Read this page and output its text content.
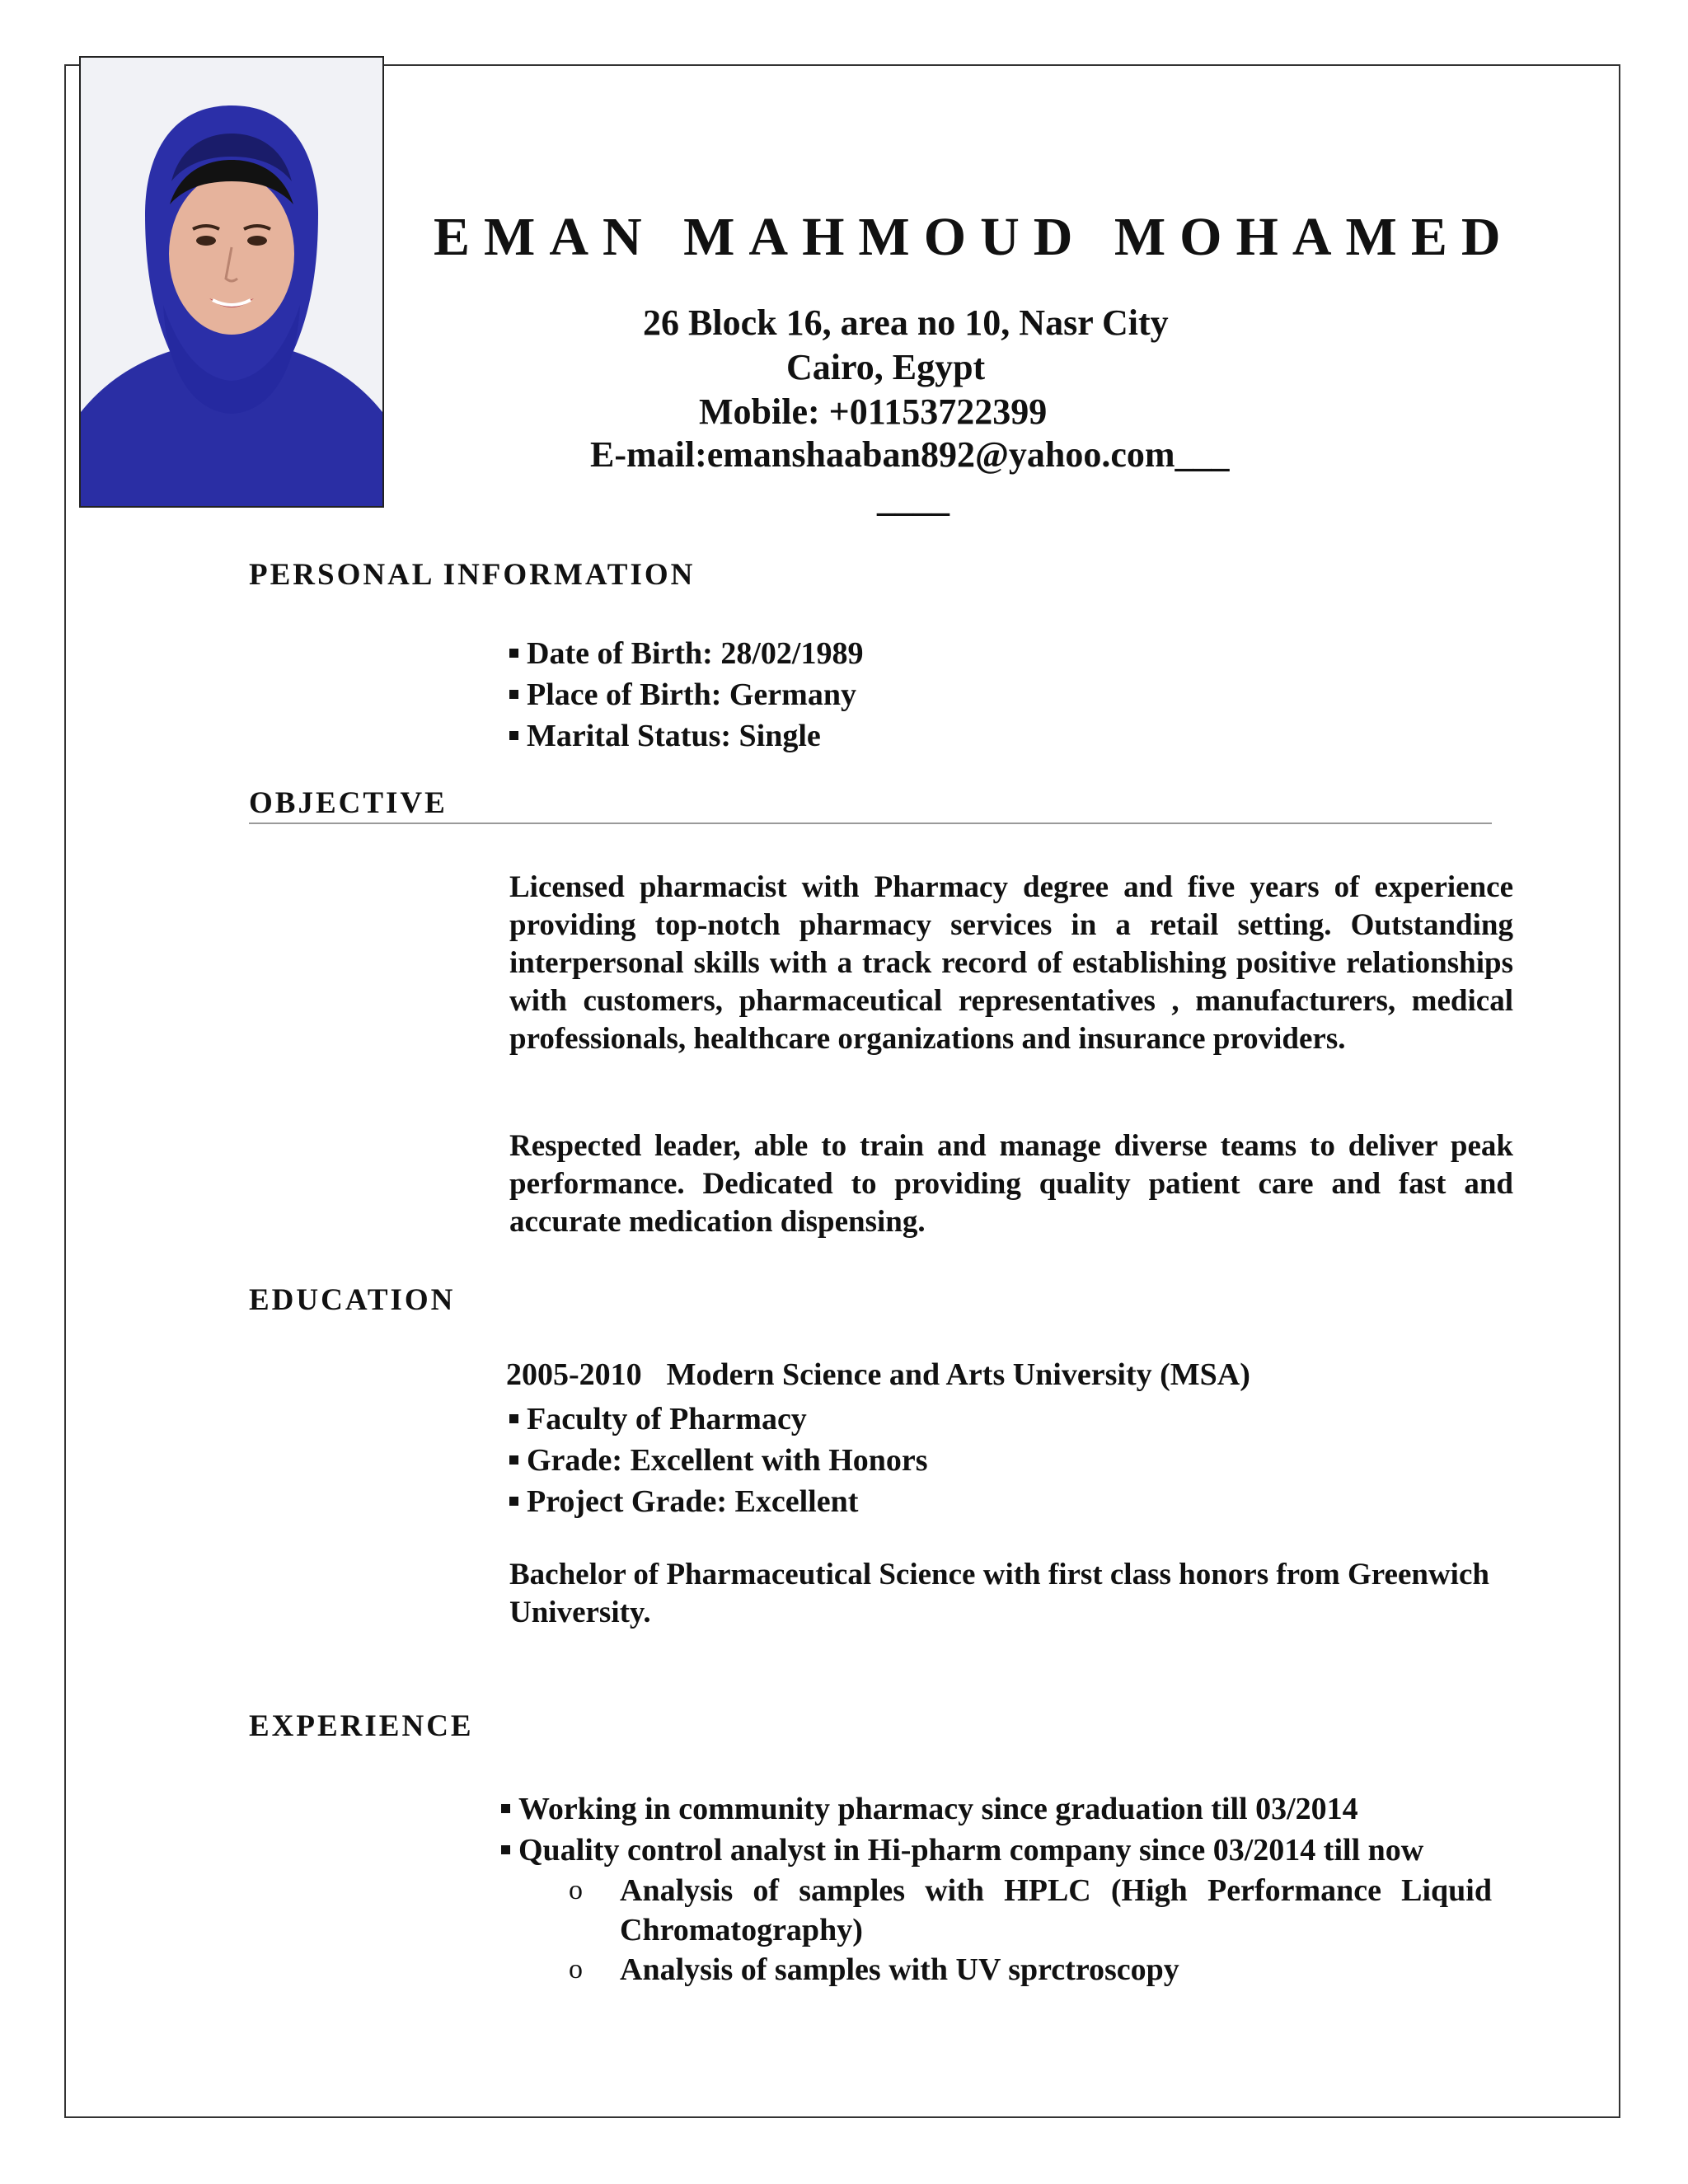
EMAN MAHMOUD MOHAMED
26 Block 16, area no 10, Nasr City
Cairo, Egypt
Mobile: +01153722399
E-mail:emanshaaban892@yahoo.com___
____
PERSONAL INFORMATION
Date of Birth: 28/02/1989
Place of Birth: Germany
Marital Status: Single
OBJECTIVE

Licensed pharmacist with Pharmacy degree and five years of experience providing top-notch pharmacy services in a retail setting. Outstanding interpersonal skills with a track record of establishing positive relationships with customers, pharmaceutical representatives , manufacturers, medical professionals, healthcare organizations and insurance providers.

Respected leader, able to train and manage diverse teams to deliver peak performance. Dedicated to providing quality patient care and fast and accurate medication dispensing.

EDUCATION
2005-2010 Modern Science and Arts University (MSA)
Faculty of Pharmacy
Grade: Excellent with Honors
Project Grade: Excellent

Bachelor of Pharmaceutical Science with first class honors from Greenwich University.

EXPERIENCE
Working in community pharmacy since graduation till 03/2014
Quality control analyst in Hi-pharm company since 03/2014 till now
o Analysis of samples with HPLC (High Performance Liquid Chromatography)
o Analysis of samples with UV sprctroscopy
